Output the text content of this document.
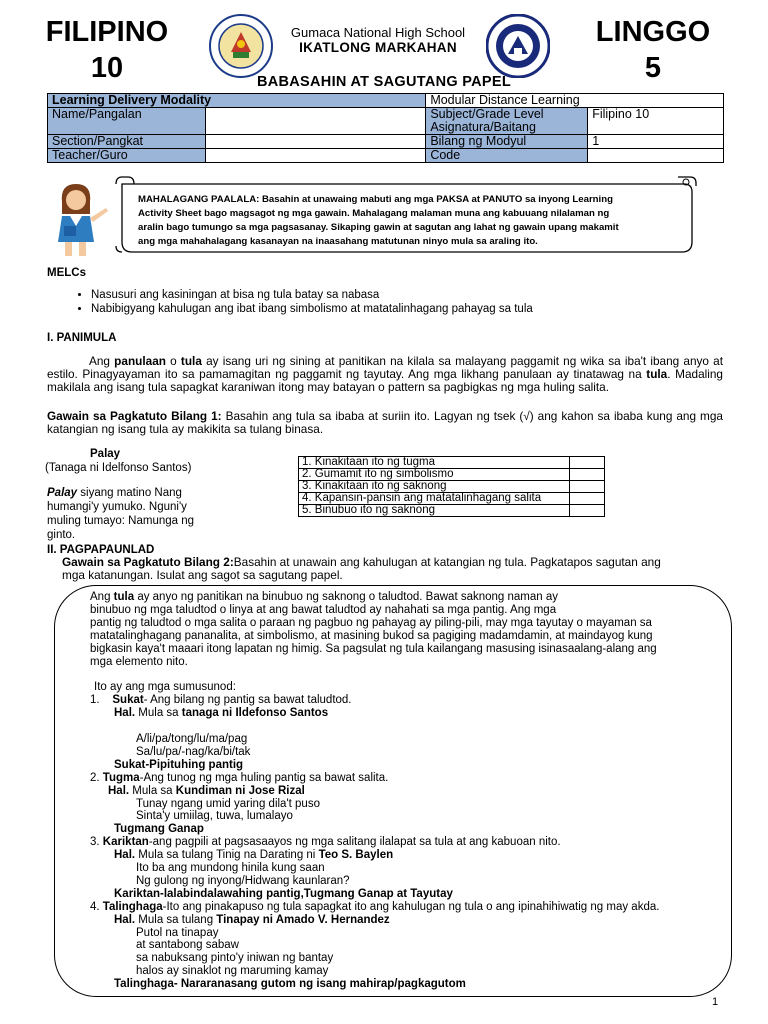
FILIPINO
10
LINGGO
5
Gumaca National High School
IKATLONG MARKAHAN
BABASAHIN AT SAGUTANG PAPEL
Learning Delivery Modality		Modular Distance Learning	
Name/Pangalan		Subject/Grade Level
Asignatura/Baitang	Filipino 10
Section/Pangkat		Bilang ng Modyul	1
Teacher/Guro		Code	
MAHALAGANG PAALALA: Basahin at unawaing mabuti ang mga PAKSA at PANUTO sa inyong Learning
Activity Sheet bago magsagot ng mga gawain. Mahalagang malaman muna ang kabuuang nilalaman ng
aralin bago tumungo sa mga pagsasanay. Sikaping gawin at sagutan ang lahat ng gawain upang makamit
ang mga mahahalagang kasanayan na inaasahang matutunan ninyo mula sa araling ito.
MELCs
• Nasusuri ang kasiningan at bisa ng tula batay sa nabasa
• Nabibigyang kahulugan ang ibat ibang simbolismo at matatalinhagang pahayag sa tula
I. PANIMULA
Ang panulaan o tula ay isang uri ng sining at panitikan na kilala sa malayang paggamit ng wika sa iba't ibang anyo at estilo. Pinagyayaman ito sa pamamagitan ng paggamit ng tayutay. Ang mga likhang panulaan ay tinatawag na tula. Madaling makilala ang isang tula sapagkat karaniwan itong may batayan o pattern sa pagbigkas ng mga huling salita.
Gawain sa Pagkatuto Bilang 1: Basahin ang tula sa ibaba at suriin ito. Lagyan ng tsek (√) ang kahon sa ibaba kung ang mga katangian ng isang tula ay makikita sa tulang binasa.
Palay
(Tanaga ni Idelfonso Santos)
Palay siyang matino Nang
humangi'y yumuko. Nguni'y
muling tumayo: Namunga ng
ginto.
1. Kinakitaan ito ng tugma	
2. Gumamit ito ng simbolismo	
3. Kinakitaan ito ng saknong	
4. Kapansin-pansin ang matatalinhagang salita	
5. Binubuo ito ng saknong	
II. PAGPAPAUNLAD
Gawain sa Pagkatuto Bilang 2:Basahin at unawain ang kahulugan at katangian ng tula. Pagkatapos sagutan ang
mga katanungan. Isulat ang sagot sa sagutang papel.
Ang tula ay anyo ng panitikan na binubuo ng saknong o taludtod. Bawat saknong naman ay
binubuo ng mga taludtod o linya at ang bawat taludtod ay nahahati sa mga pantig. Ang mga
pantig ng taludtod o mga salita o paraan ng pagbuo ng pahayag ay piling-pili, may mga tayutay o mayaman sa
matatalinghagang pananalita, at simbolismo, at masining bukod sa pagiging madamdamin, at maindayog kung
bigkasin kaya't maaari itong lapatan ng himig. Sa pagsulat ng tula kailangang masusing isinasaalang-alang ang
mga elemento nito.

Ito ay ang mga sumusunod:
1.    Sukat- Ang bilang ng pantig sa bawat taludtod.
Hal. Mula sa tanaga ni Ildefonso Santos

A/li/pa/tong/lu/ma/pag
Sa/lu/pa/-nag/ka/bi/tak
Sukat-Pipituhing pantig
2. Tugma-Ang tunog ng mga huling pantig sa bawat salita.
Hal. Mula sa Kundiman ni Jose Rizal
Tunay ngang umid yaring dila't puso
Sinta'y umiilag, tuwa, lumalayo
Tugmang Ganap
3. Kariktan-ang pagpili at pagsasaayos ng mga salitang ilalapat sa tula at ang kabuoan nito.
Hal. Mula sa tulang Tinig na Darating ni Teo S. Baylen
Ito ba ang mundong hinila kung saan
Ng gulong ng inyong/Hidwang kaunlaran?
Kariktan-lalabindalawahing pantig,Tugmang Ganap at Tayutay
4. Talinghaga-Ito ang pinakapuso ng tula sapagkat ito ang kahulugan ng tula o ang ipinahihiwatig ng may akda.
Hal. Mula sa tulang Tinapay ni Amado V. Hernandez
Putol na tinapay
at santabong sabaw
sa nabuksang pinto'y iniwan ng bantay
halos ay sinaklot ng maruming kamay
Talinghaga- Nararanasang gutom ng isang mahirap/pagkagutom
1
